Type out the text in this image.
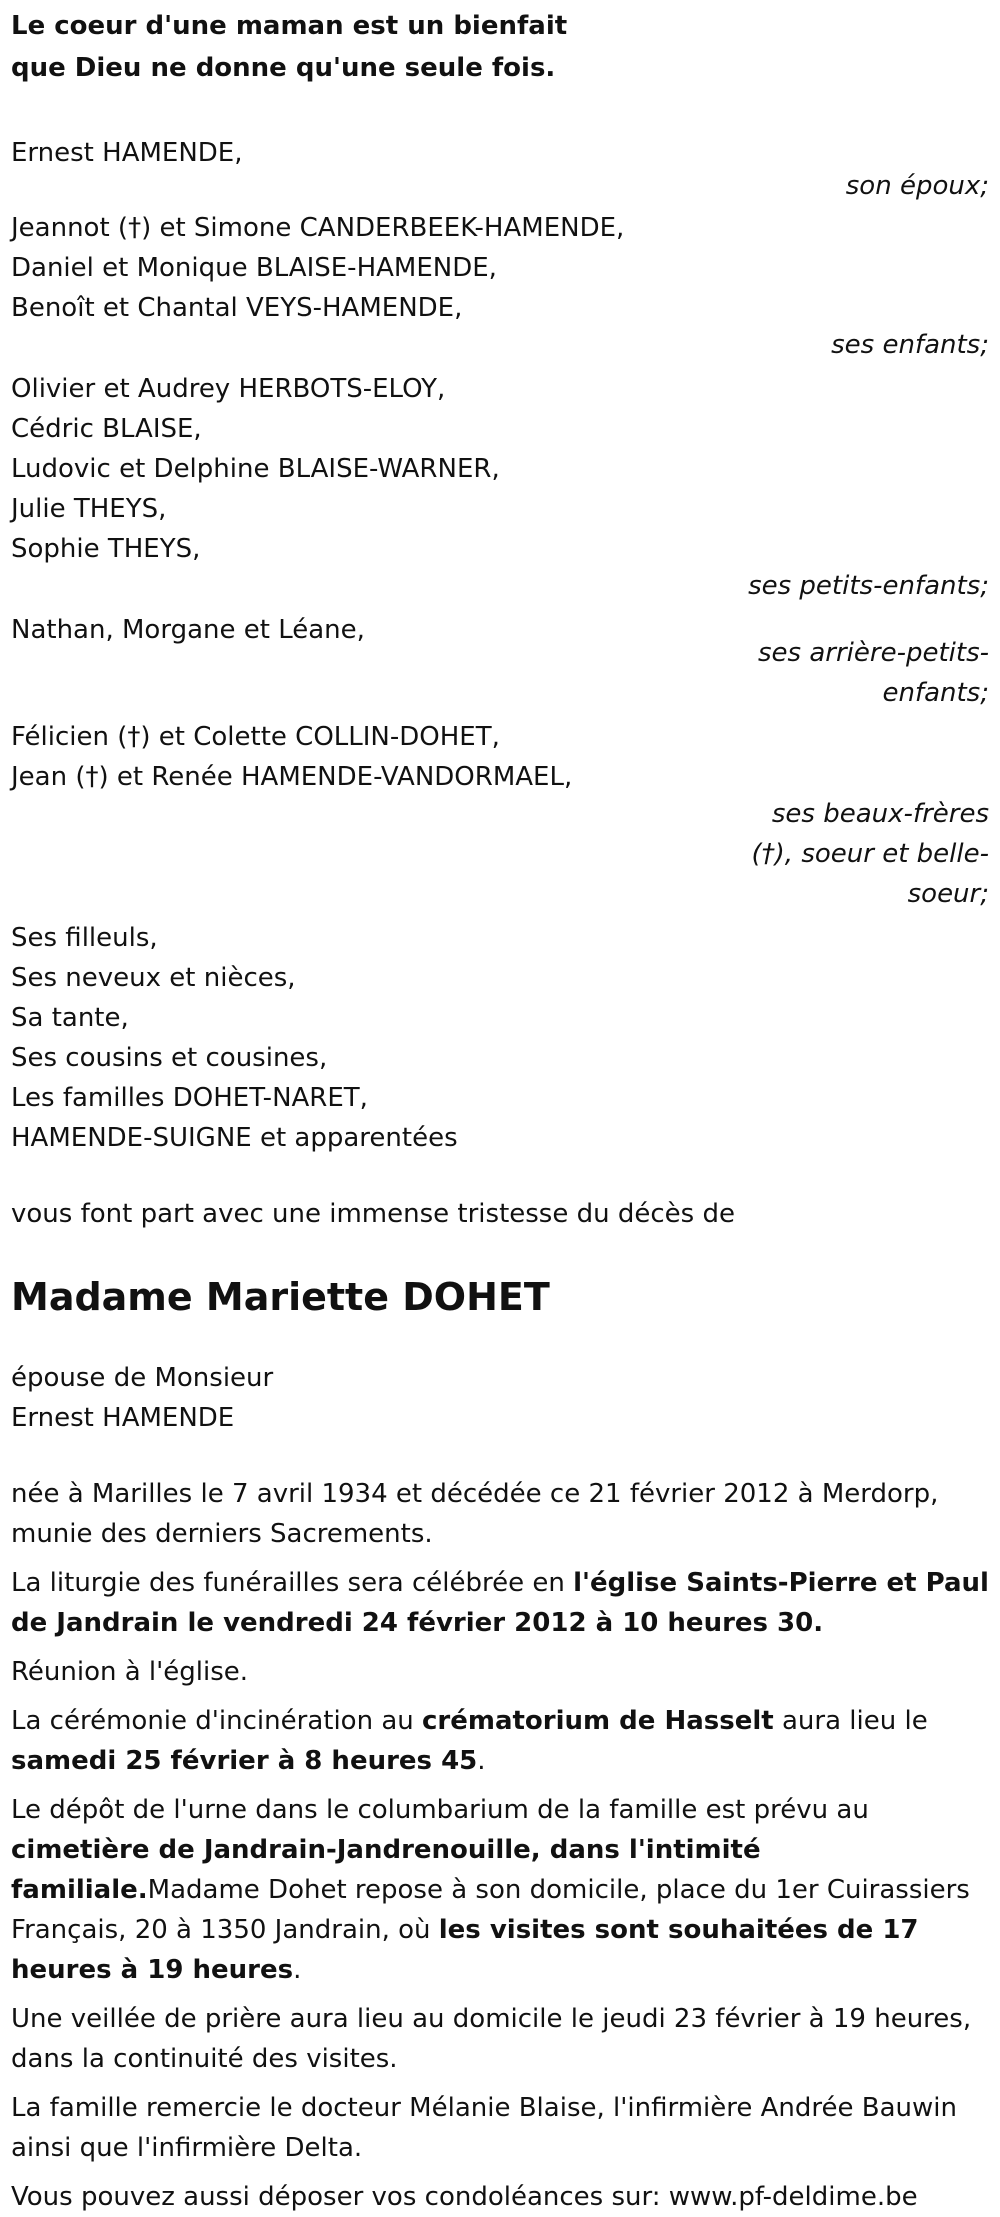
Le coeur d'une maman est un bienfait
que Dieu ne donne qu'une seule fois.
Ernest HAMENDE,
son époux;
Jeannot (†) et Simone CANDERBEEK-HAMENDE,
Daniel et Monique BLAISE-HAMENDE,
Benoît et Chantal VEYS-HAMENDE,
ses enfants;
Olivier et Audrey HERBOTS-ELOY,
Cédric BLAISE,
Ludovic et Delphine BLAISE-WARNER,
Julie THEYS,
Sophie THEYS,
ses petits-enfants;
Nathan, Morgane et Léane,
ses arrière-petits-enfants;
Félicien (†) et Colette COLLIN-DOHET,
Jean (†) et Renée HAMENDE-VANDORMAEL,
ses beaux-frères (†), soeur et belle-soeur;
Ses filleuls,
Ses neveux et nièces,
Sa tante,
Ses cousins et cousines,
Les familles DOHET-NARET,
HAMENDE-SUIGNE et apparentées
vous font part avec une immense tristesse du décès de
Madame Mariette DOHET
épouse de Monsieur
Ernest HAMENDE

née à Marilles le 7 avril 1934 et décédée ce 21 février 2012 à Merdorp, munie des derniers Sacrements.

La liturgie des funérailles sera célébrée en l'église Saints-Pierre et Paul de Jandrain le vendredi 24 février 2012 à 10 heures 30.

Réunion à l'église.

La cérémonie d'incinération au crématorium de Hasselt aura lieu le samedi 25 février à 8 heures 45.

Le dépôt de l'urne dans le columbarium de la famille est prévu au cimetière de Jandrain-Jandrenouille, dans l'intimité familiale.Madame Dohet repose à son domicile, place du 1er Cuirassiers Français, 20 à 1350 Jandrain, où les visites sont souhaitées de 17 heures à 19 heures.

Une veillée de prière aura lieu au domicile le jeudi 23 février à 19 heures, dans la continuité des visites.

La famille remercie le docteur Mélanie Blaise, l'infirmière Andrée Bauwin ainsi que l'infirmière Delta.

Vous pouvez aussi déposer vos condoléances sur: www.pf-deldime.be
